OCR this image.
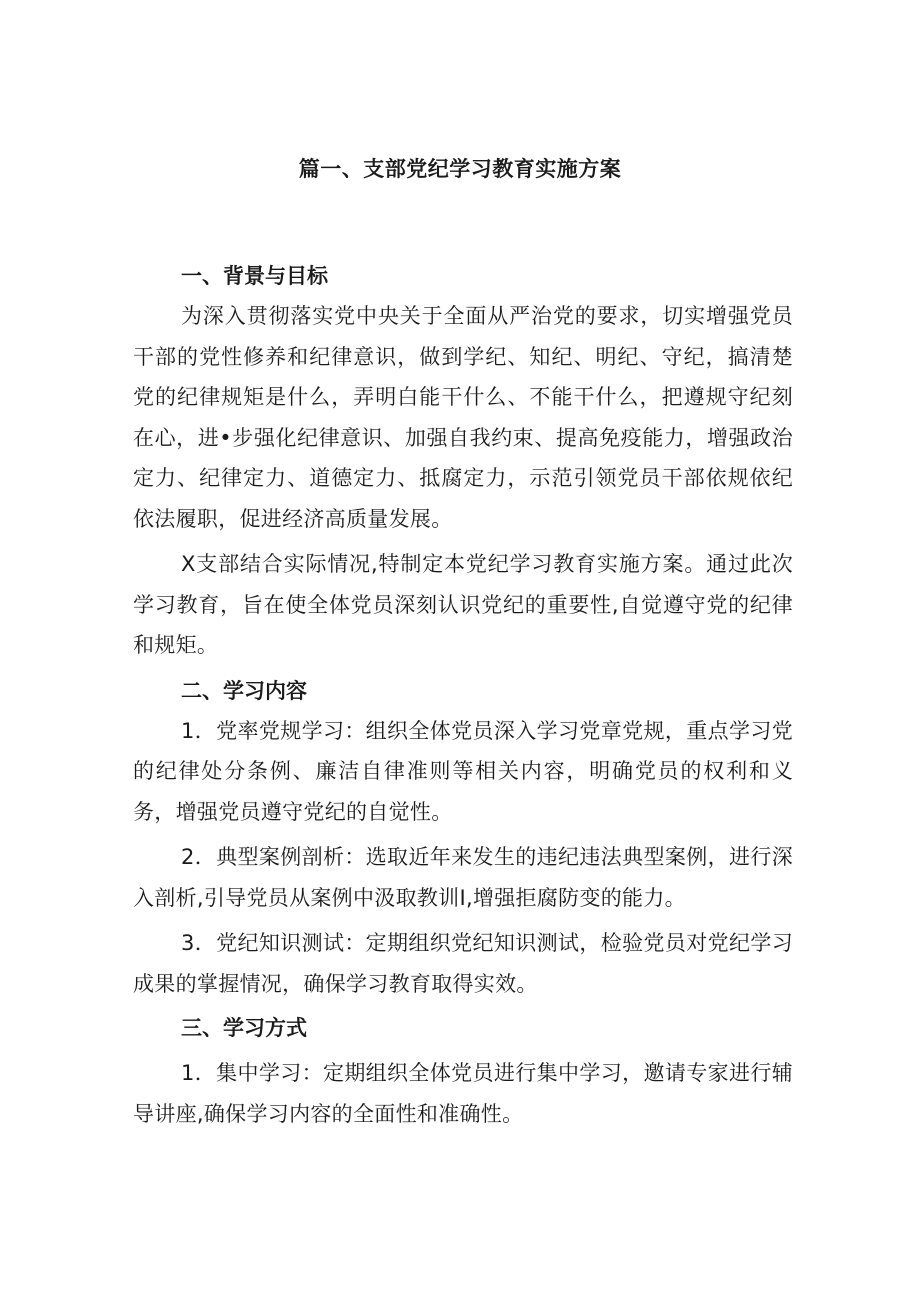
篇一、支部党纪学习教育实施方案
一、背景与目标

为深入贯彻落实党中央关于全面从严治党的要求，切实增强党员干部的党性修养和纪律意识，做到学纪、知纪、明纪、守纪，搞清楚党的纪律规矩是什么，弄明白能干什么、不能干什么，把遵规守纪刻在心，进•步强化纪律意识、加强自我约束、提高免疫能力，增强政治定力、纪律定力、道德定力、抵腐定力，示范引领党员干部依规依纪依法履职，促进经济高质量发展。

X支部结合实际情况,特制定本党纪学习教育实施方案。通过此次学习教育，旨在使全体党员深刻认识党纪的重要性,自觉遵守党的纪律和规矩。

二、学习内容

1．党率党规学习：组织全体党员深入学习党章党规，重点学习党的纪律处分条例、廉洁自律准则等相关内容，明确党员的权利和义务，增强党员遵守党纪的自觉性。

2．典型案例剖析：选取近年来发生的违纪违法典型案例，进行深入剖析,引导党员从案例中汲取教训I,增强拒腐防变的能力。

3．党纪知识测试：定期组织党纪知识测试，检验党员对党纪学习成果的掌握情况，确保学习教育取得实效。

三、学习方式

1．集中学习：定期组织全体党员进行集中学习，邀请专家进行辅导讲座,确保学习内容的全面性和准确性。
